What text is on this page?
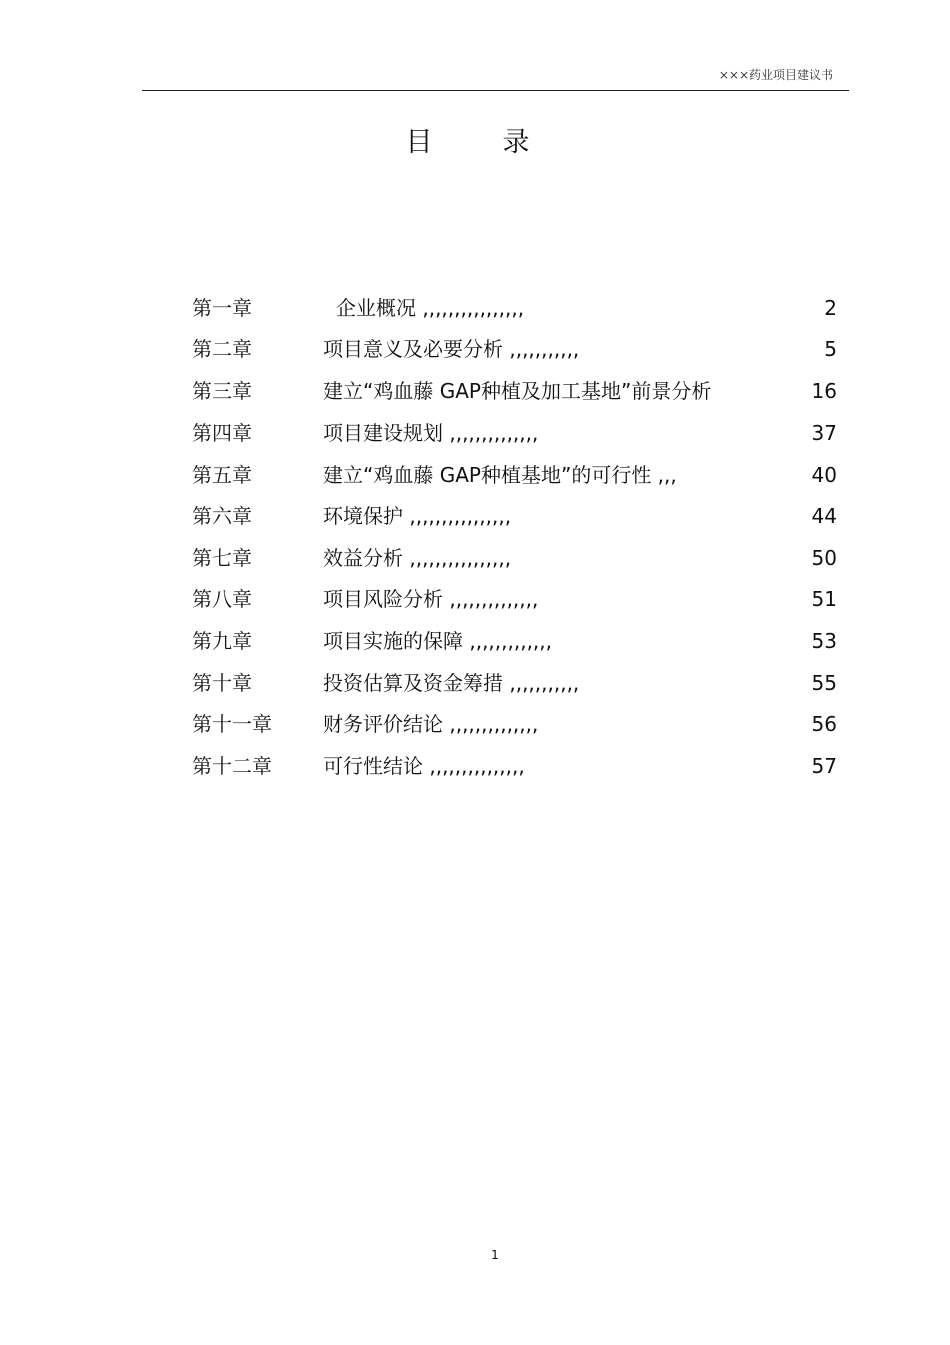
×××药业项目建议书
目	录
第一章	企业概况 ,,,,,,,,,,,,,,,,	2
第二章	项目意义及必要分析 ,,,,,,,,,,,	5
第三章	建立“鸡血藤 GAP种植及加工基地”前景分析	16
第四章	项目建设规划 ,,,,,,,,,,,,,,	37
第五章	建立“鸡血藤 GAP种植基地”的可行性 ,,,	40
第六章	环境保护 ,,,,,,,,,,,,,,,,	44
第七章	效益分析 ,,,,,,,,,,,,,,,,	50
第八章	项目风险分析 ,,,,,,,,,,,,,,	51
第九章	项目实施的保障 ,,,,,,,,,,,,,	53
第十章	投资估算及资金筹措 ,,,,,,,,,,,	55
第十一章	财务评价结论 ,,,,,,,,,,,,,,	56
第十二章	可行性结论 ,,,,,,,,,,,,,,,	57
1
